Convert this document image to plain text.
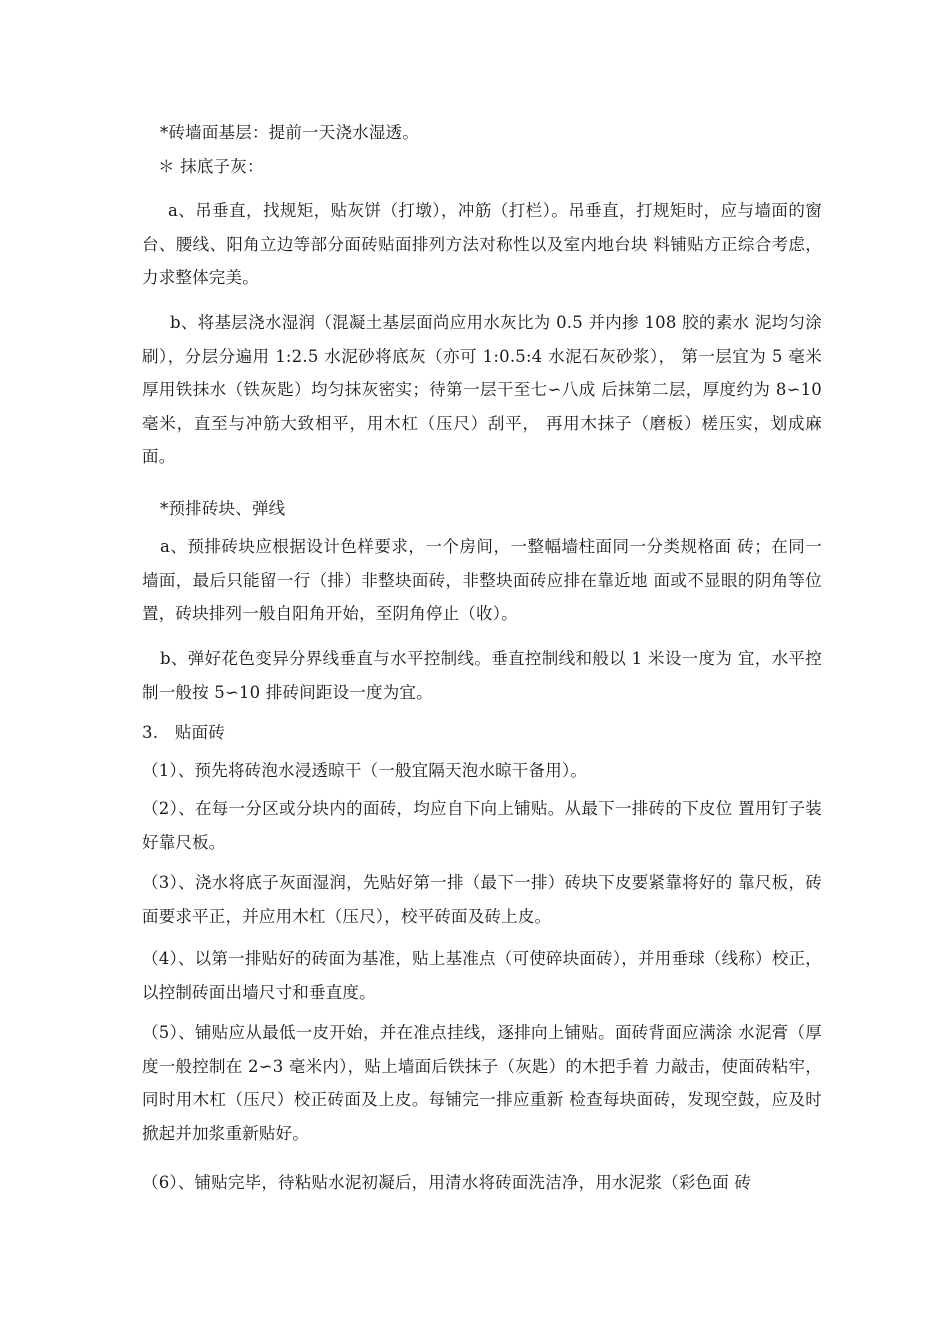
*砖墙面基层：提前一天浇水湿透。
＊ 抹底子灰：
a、吊垂直，找规矩，贴灰饼（打墩），冲筋（打栏）。吊垂直，打规矩时，应与墙面的窗台、腰线、阳角立边等部分面砖贴面排列方法对称性以及室内地台块 料铺贴方正综合考虑，力求整体完美。
b、将基层浇水湿润（混凝土基层面尚应用水灰比为 0.5 并内掺 108 胶的素水 泥均匀涂刷），分层分遍用 1:2.5 水泥砂将底灰（亦可 1:0.5:4 水泥石灰砂浆）， 第一层宜为 5 毫米厚用铁抹水（铁灰匙）均匀抹灰密实；待第一层干至七∽八成 后抹第二层，厚度约为 8∽10 毫米，直至与冲筋大致相平，用木杠（压尺）刮平， 再用木抹子（磨板）槎压实，划成麻面。
*预排砖块、弹线
a、预排砖块应根据设计色样要求，一个房间，一整幅墙柱面同一分类规格面 砖；在同一墙面，最后只能留一行（排）非整块面砖，非整块面砖应排在靠近地 面或不显眼的阴角等位置，砖块排列一般自阳角开始，至阴角停止（收）。
b、弹好花色变异分界线垂直与水平控制线。垂直控制线和般以 1 米设一度为 宜，水平控制一般按 5∽10 排砖间距设一度为宜。
3.　贴面砖
（1）、预先将砖泡水浸透晾干（一般宜隔天泡水晾干备用）。
（2）、在每一分区或分块内的面砖，均应自下向上铺贴。从最下一排砖的下皮位 置用钉子装好靠尺板。
（3）、浇水将底子灰面湿润，先贴好第一排（最下一排）砖块下皮要紧靠将好的 靠尺板，砖面要求平正，并应用木杠（压尺），校平砖面及砖上皮。
（4）、以第一排贴好的砖面为基准，贴上基准点（可使碎块面砖），并用垂球（线称）校正，以控制砖面出墙尺寸和垂直度。
（5）、铺贴应从最低一皮开始，并在准点挂线，逐排向上铺贴。面砖背面应满涂 水泥膏（厚度一般控制在 2∽3 毫米内），贴上墙面后铁抹子（灰匙）的木把手着 力敲击，使面砖粘牢，同时用木杠（压尺）校正砖面及上皮。每铺完一排应重新 检查每块面砖，发现空鼓，应及时掀起并加浆重新贴好。
（6）、铺贴完毕，待粘贴水泥初凝后，用清水将砖面洗洁净，用水泥浆（彩色面 砖
